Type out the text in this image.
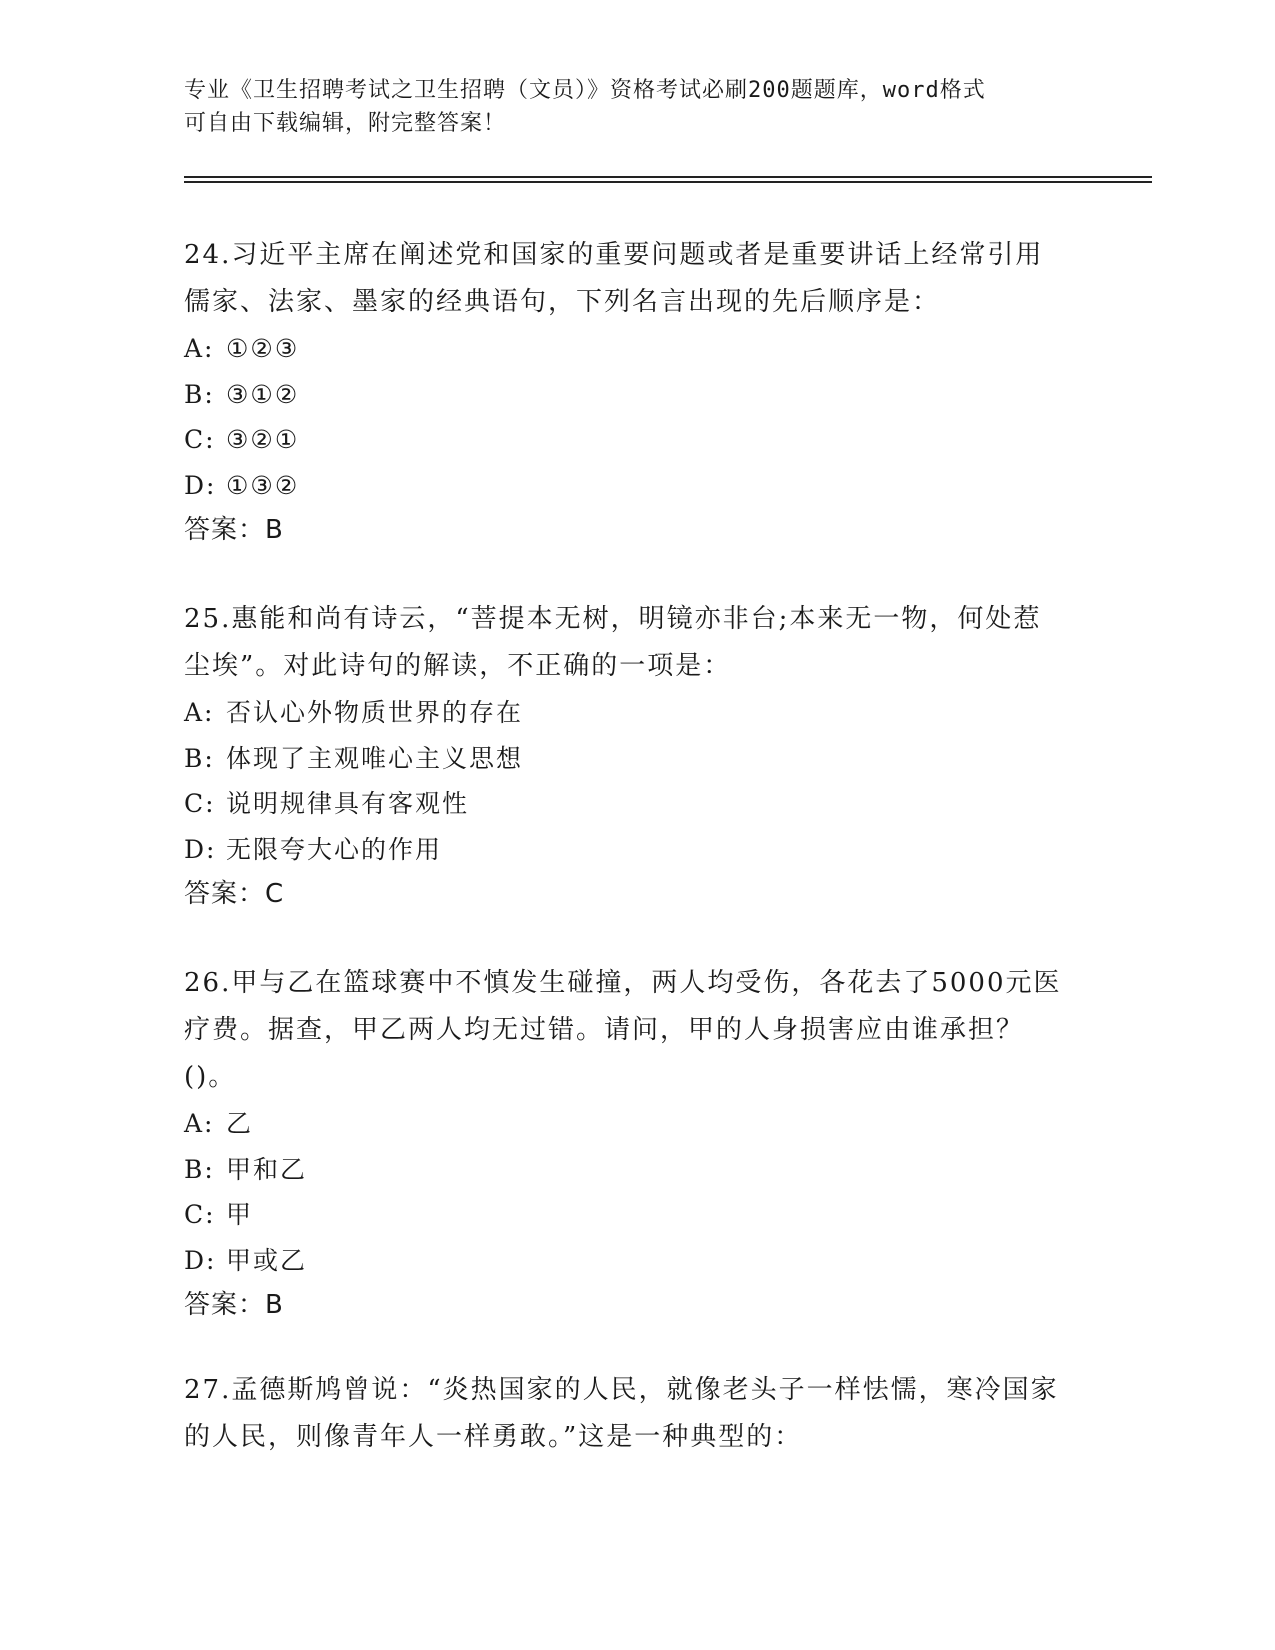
专业《卫生招聘考试之卫生招聘（文员）》资格考试必刷200题题库，word格式
可自由下载编辑，附完整答案！

24.习近平主席在阐述党和国家的重要问题或者是重要讲话上经常引用儒家、法家、墨家的经典语句，下列名言出现的先后顺序是：

A: ①②③

B: ③①②

C: ③②①

D: ①③②

答案：B

25.惠能和尚有诗云，“菩提本无树，明镜亦非台;本来无一物，何处惹尘埃”。对此诗句的解读，不正确的一项是：

A: 否认心外物质世界的存在

B: 体现了主观唯心主义思想

C: 说明规律具有客观性

D: 无限夸大心的作用

答案：C

26.甲与乙在篮球赛中不慎发生碰撞，两人均受伤，各花去了5000元医疗费。据查，甲乙两人均无过错。请问，甲的人身损害应由谁承担？()。

A: 乙

B: 甲和乙

C: 甲

D: 甲或乙

答案：B

27.孟德斯鸠曾说：“炎热国家的人民，就像老头子一样怯懦，寒冷国家的人民，则像青年人一样勇敢。”这是一种典型的：
